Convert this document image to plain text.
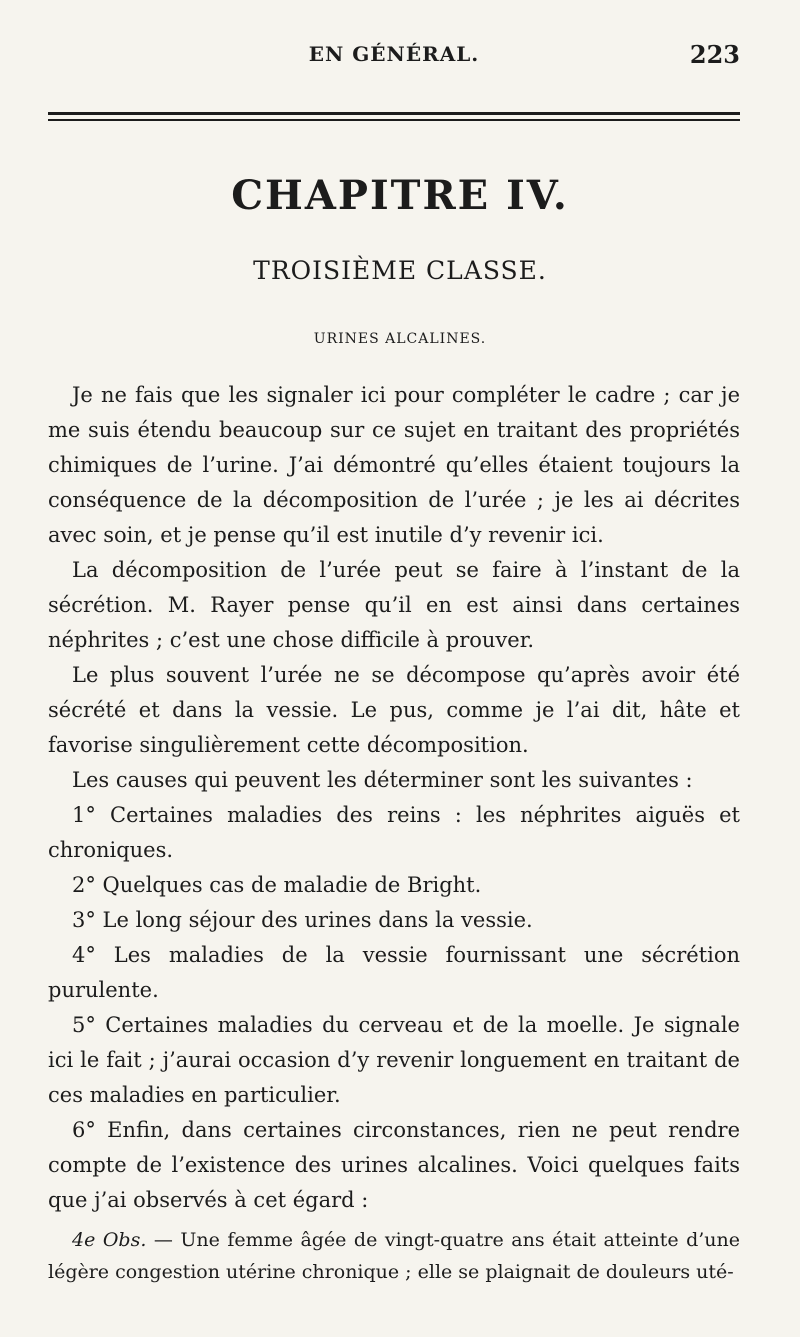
EN GÉNÉRAL.	223
CHAPITRE IV.
TROISIÈME CLASSE.
URINES ALCALINES.

Je ne fais que les signaler ici pour compléter le cadre ; car je me suis étendu beaucoup sur ce sujet en traitant des propriétés chimiques de l’urine. J’ai démontré qu’elles étaient toujours la conséquence de la décomposition de l’urée ; je les ai décrites avec soin, et je pense qu’il est inutile d’y revenir ici.

La décomposition de l’urée peut se faire à l’instant de la sécrétion. M. Rayer pense qu’il en est ainsi dans certaines néphrites ; c’est une chose difficile à prouver.

Le plus souvent l’urée ne se décompose qu’après avoir été sécrété et dans la vessie. Le pus, comme je l’ai dit, hâte et favorise singulièrement cette décomposition.

Les causes qui peuvent les déterminer sont les suivantes :

1° Certaines maladies des reins : les néphrites aiguës et chroniques.

2° Quelques cas de maladie de Bright.

3° Le long séjour des urines dans la vessie.

4° Les maladies de la vessie fournissant une sécrétion purulente.

5° Certaines maladies du cerveau et de la moelle. Je signale ici le fait ; j’aurai occasion d’y revenir longuement en traitant de ces maladies en particulier.

6° Enfin, dans certaines circonstances, rien ne peut rendre compte de l’existence des urines alcalines. Voici quelques faits que j’ai observés à cet égard :

4e Obs. — Une femme âgée de vingt-quatre ans était atteinte d’une légère congestion utérine chronique ; elle se plaignait de douleurs uté-
